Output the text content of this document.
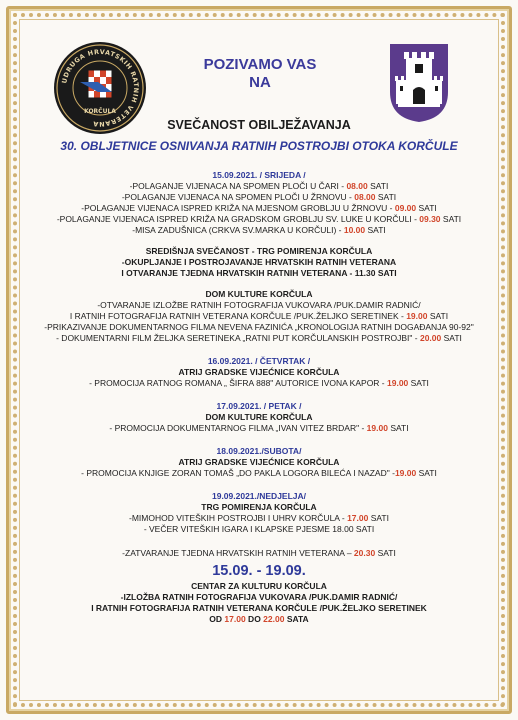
UDRUGA HRVATSKIH RATNIH VETERANA
KORČULA
POZIVAMO VAS
NA
SVEČANOST OBILJEŽAVANJA
30. OBLJETNICE OSNIVANJA RATNIH POSTROJBI OTOKA KORČULE
15.09.2021. / SRIJEDA /
-POLAGANJE VIJENACA NA SPOMEN PLOČI U ČARI - 08.00 SATI
-POLAGANJE VIJENACA NA SPOMEN PLOČI U ŽRNOVU - 08.00 SATI
-POLAGANJE VIJENACA ISPRED KRIŽA NA MJESNOM GROBLJU U ŽRNOVU - 09.00 SATI
-POLAGANJE VIJENACA ISPRED KRIŽA NA GRADSKOM GROBLJU SV. LUKE U KORČULI - 09.30 SATI
-MISA ZADUŠNICA (CRKVA SV.MARKA U KORČULI) - 10.00 SATI
SREDIŠNJA SVEČANOST - TRG POMIRENJA KORČULA
-OKUPLJANJE I POSTROJAVANJE HRVATSKIH RATNIH VETERANA
I OTVARANJE TJEDNA HRVATSKIH RATNIH VETERANA - 11.30 SATI
DOM KULTURE KORČULA
-OTVARANJE IZLOŽBE RATNIH FOTOGRAFIJA VUKOVARA /PUK.DAMIR RADNIĆ/
I RATNIH FOTOGRAFIJA RATNIH VETERANA KORČULE /PUK.ŽELJKO SERETINEK - 19.00 SATI
-PRIKAZIVANJE DOKUMENTARNOG FILMA NEVENA FAZINIĆA „KRONOLOGIJA RATNIH DOGAĐANJA 90-92"
- DOKUMENTARNI FILM ŽELJKA SERETINEKA „RATNI PUT KORČULANSKIH POSTROJBI" - 20.00 SATI
16.09.2021. / ČETVRTAK /
ATRIJ GRADSKE VIJEĆNICE KORČULA
- PROMOCIJA RATNOG ROMANA „ ŠIFRA 888" AUTORICE IVONA KAPOR - 19.00 SATI
17.09.2021. / PETAK /
DOM KULTURE KORČULA
- PROMOCIJA DOKUMENTARNOG FILMA „IVAN VITEZ BRDAR" - 19.00 SATI
18.09.2021./SUBOTA/
ATRIJ GRADSKE VIJEĆNICE KORČULA
- PROMOCIJA KNJIGE ZORAN TOMAŠ „DO PAKLA LOGORA BILEĆA I NAZAD" -19.00 SATI
19.09.2021./NEDJELJA/
TRG POMIRENJA KORČULA
-MIMOHOD VITEŠKIH POSTROJBI I UHRV KORČULA - 17.00 SATI
- VEČER VITEŠKIH IGARA I KLAPSKE PJESME 18.00 SATI
-ZATVARANJE TJEDNA HRVATSKIH RATNIH VETERANA – 20.30 SATI
15.09. - 19.09.
CENTAR ZA KULTURU KORČULA
-IZLOŽBA RATNIH FOTOGRAFIJA VUKOVARA /PUK.DAMIR RADNIĆ/
I RATNIH FOTOGRAFIJA RATNIH VETERANA KORČULE /PUK.ŽELJKO SERETINEK
OD 17.00 DO 22.00 SATA
